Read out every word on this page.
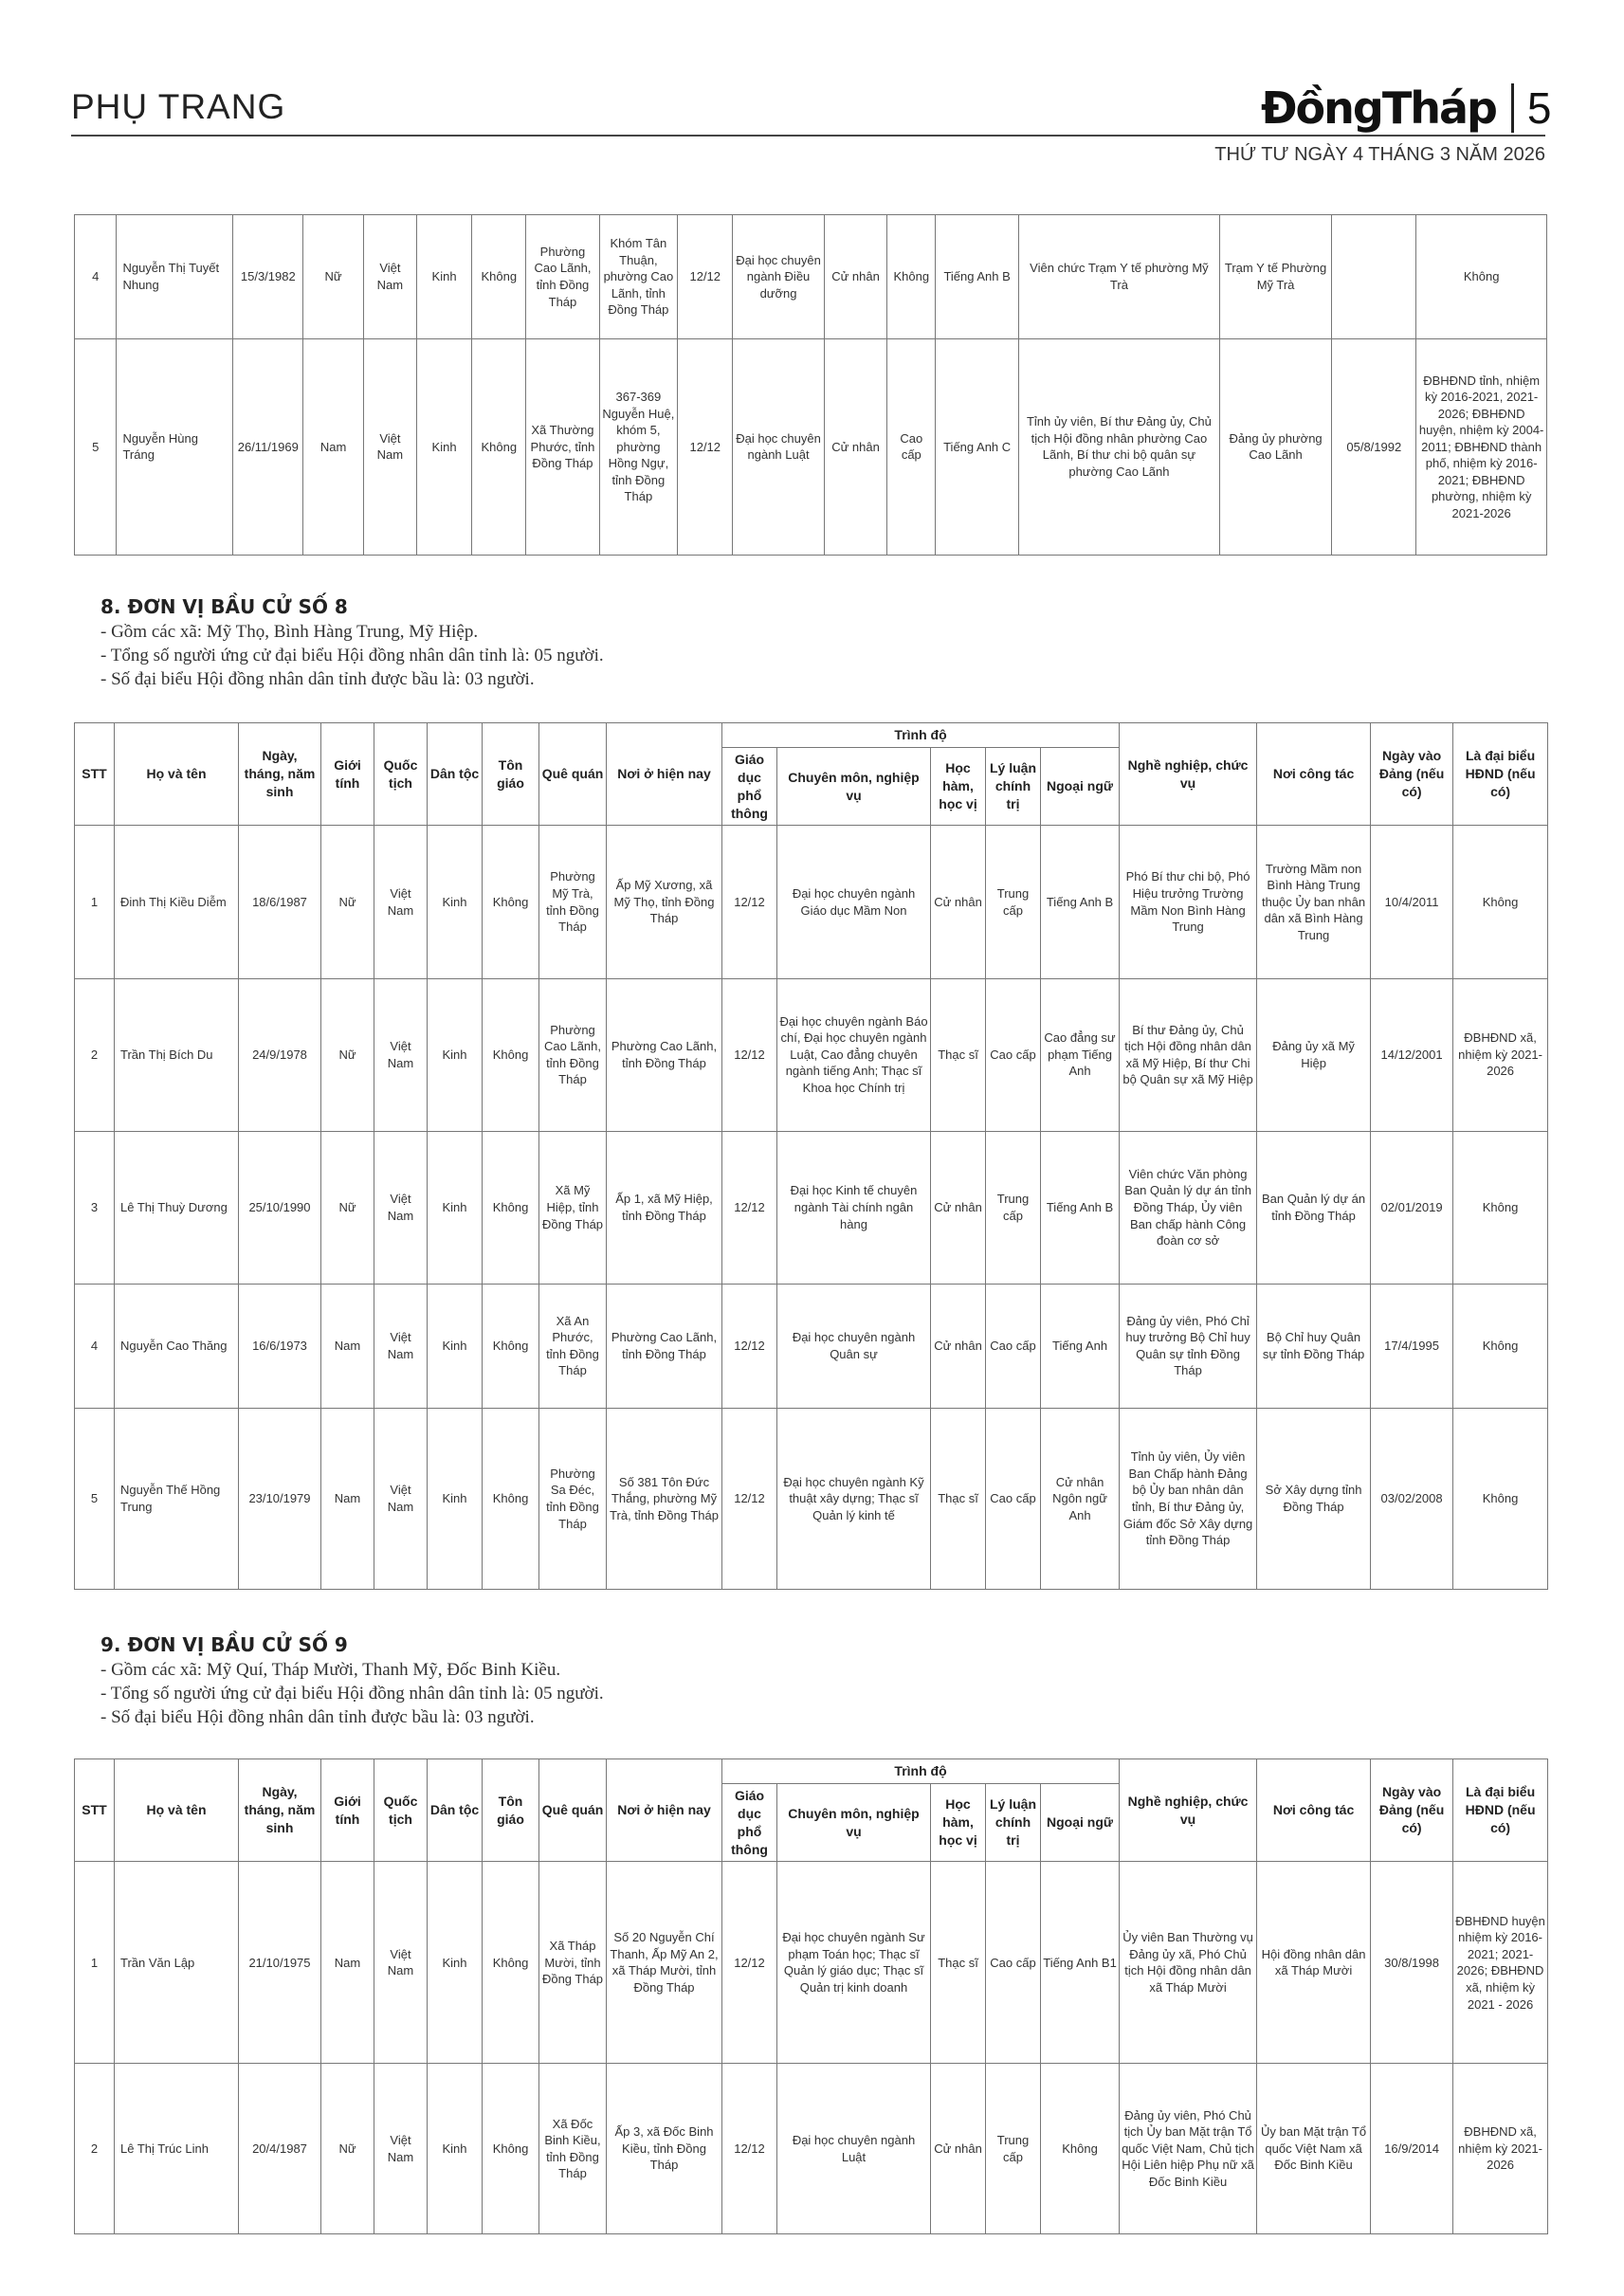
PHỤ TRANG	ĐồngTháp 5
THỨ TƯ NGÀY 4 THÁNG 3 NĂM 2026
4	Nguyễn Thị Tuyết Nhung	15/3/1982	Nữ	Việt Nam	Kinh	Không	Phường Cao Lãnh, tỉnh Đồng Tháp	Khóm Tân Thuận, phường Cao Lãnh, tỉnh Đồng Tháp	12/12	Đại học chuyên ngành Điều dưỡng	Cử nhân	Không	Tiếng Anh B	Viên chức Trạm Y tế phường Mỹ Trà	Trạm Y tế Phường Mỹ Trà		Không
5	Nguyễn Hùng Tráng	26/11/1969	Nam	Việt Nam	Kinh	Không	Xã Thường Phước, tỉnh Đồng Tháp	367-369 Nguyễn Huệ, khóm 5, phường Hồng Ngự, tỉnh Đồng Tháp	12/12	Đại học chuyên ngành Luật	Cử nhân	Cao cấp	Tiếng Anh C	Tỉnh ủy viên, Bí thư Đảng ủy, Chủ tịch Hội đồng nhân phường Cao Lãnh, Bí thư chi bộ quân sự phường Cao Lãnh	Đảng ủy phường Cao Lãnh	05/8/1992	ĐBHĐND tỉnh, nhiệm kỳ 2016-2021, 2021-2026; ĐBHĐND huyện, nhiệm kỳ 2004-2011; ĐBHĐND thành phố, nhiệm kỳ 2016-2021; ĐBHĐND phường, nhiệm kỳ 2021-2026
8. ĐƠN VỊ BẦU CỬ SỐ 8

- Gồm các xã: Mỹ Thọ, Bình Hàng Trung, Mỹ Hiệp.

- Tổng số người ứng cử đại biểu Hội đồng nhân dân tỉnh là: 05 người.

- Số đại biểu Hội đồng nhân dân tỉnh được bầu là: 03 người.

STT	Họ và tên	Ngày, tháng, năm sinh	Giới tính	Quốc tịch	Dân tộc	Tôn giáo	Quê quán	Nơi ở hiện nay	Trình độ					Nghề nghiệp, chức vụ	Nơi công tác	Ngày vào Đảng (nếu có)	Là đại biểu HĐND (nếu có)
									Giáo dục phổ thông	Chuyên môn, nghiệp vụ	Học hàm, học vị	Lý luận chính trị	Ngoại ngữ				
1	Đinh Thị Kiều Diễm	18/6/1987	Nữ	Việt Nam	Kinh	Không	Phường Mỹ Trà, tỉnh Đồng Tháp	Ấp Mỹ Xương, xã Mỹ Thọ, tỉnh Đồng Tháp	12/12	Đại học chuyên ngành Giáo dục Mầm Non	Cử nhân	Trung cấp	Tiếng Anh B	Phó Bí thư chi bộ, Phó Hiệu trưởng Trường Mầm Non Bình Hàng Trung	Trường Mầm non Bình Hàng Trung thuộc Ủy ban nhân dân xã Bình Hàng Trung	10/4/2011	Không
2	Trần Thị Bích Du	24/9/1978	Nữ	Việt Nam	Kinh	Không	Phường Cao Lãnh, tỉnh Đồng Tháp	Phường Cao Lãnh, tỉnh Đồng Tháp	12/12	Đại học chuyên ngành Báo chí, Đại học chuyên ngành Luật, Cao đẳng chuyên ngành tiếng Anh; Thạc sĩ Khoa học Chính trị	Thạc sĩ	Cao cấp	Cao đẳng sư phạm Tiếng Anh	Bí thư Đảng ủy, Chủ tịch Hội đồng nhân dân xã Mỹ Hiệp, Bí thư Chi bộ Quân sự xã Mỹ Hiệp	Đảng ủy xã Mỹ Hiệp	14/12/2001	ĐBHĐND xã, nhiệm kỳ 2021-2026
3	Lê Thị Thuỳ Dương	25/10/1990	Nữ	Việt Nam	Kinh	Không	Xã Mỹ Hiệp, tỉnh Đồng Tháp	Ấp 1, xã Mỹ Hiệp, tỉnh Đồng Tháp	12/12	Đại học Kinh tế chuyên ngành Tài chính ngân hàng	Cử nhân	Trung cấp	Tiếng Anh B	Viên chức Văn phòng Ban Quản lý dự án tỉnh Đồng Tháp, Ủy viên Ban chấp hành Công đoàn cơ sở	Ban Quản lý dự án tỉnh Đồng Tháp	02/01/2019	Không
4	Nguyễn Cao Thăng	16/6/1973	Nam	Việt Nam	Kinh	Không	Xã An Phước, tỉnh Đồng Tháp	Phường Cao Lãnh, tỉnh Đồng Tháp	12/12	Đại học chuyên ngành Quân sự	Cử nhân	Cao cấp	Tiếng Anh	Đảng ủy viên, Phó Chỉ huy trưởng Bộ Chỉ huy Quân sự tỉnh Đồng Tháp	Bộ Chỉ huy Quân sự tỉnh Đồng Tháp	17/4/1995	Không
5	Nguyễn Thế Hồng Trung	23/10/1979	Nam	Việt Nam	Kinh	Không	Phường Sa Đéc, tỉnh Đồng Tháp	Số 381 Tôn Đức Thắng, phường Mỹ Trà, tỉnh Đồng Tháp	12/12	Đại học chuyên ngành Kỹ thuật xây dựng; Thạc sĩ Quản lý kinh tế	Thạc sĩ	Cao cấp	Cử nhân Ngôn ngữ Anh	Tỉnh ủy viên, Ủy viên Ban Chấp hành Đảng bộ Ủy ban nhân dân tỉnh, Bí thư Đảng ủy, Giám đốc Sở Xây dựng tỉnh Đồng Tháp	Sở Xây dựng tỉnh Đồng Tháp	03/02/2008	Không
9. ĐƠN VỊ BẦU CỬ SỐ 9

- Gồm các xã: Mỹ Quí, Tháp Mười, Thanh Mỹ, Đốc Binh Kiều.

- Tổng số người ứng cử đại biểu Hội đồng nhân dân tỉnh là: 05 người.

- Số đại biểu Hội đồng nhân dân tỉnh được bầu là: 03 người.

STT	Họ và tên	Ngày, tháng, năm sinh	Giới tính	Quốc tịch	Dân tộc	Tôn giáo	Quê quán	Nơi ở hiện nay	Trình độ					Nghề nghiệp, chức vụ	Nơi công tác	Ngày vào Đảng (nếu có)	Là đại biểu HĐND (nếu có)
									Giáo dục phổ thông	Chuyên môn, nghiệp vụ	Học hàm, học vị	Lý luận chính trị	Ngoại ngữ				
1	Trần Văn Lập	21/10/1975	Nam	Việt Nam	Kinh	Không	Xã Tháp Mười, tỉnh Đồng Tháp	Số 20 Nguyễn Chí Thanh, Ấp Mỹ An 2, xã Tháp Mười, tỉnh Đồng Tháp	12/12	Đại học chuyên ngành Sư phạm Toán học; Thạc sĩ Quản lý giáo dục; Thạc sĩ Quản trị kinh doanh	Thạc sĩ	Cao cấp	Tiếng Anh B1	Ủy viên Ban Thường vụ Đảng ủy xã, Phó Chủ tịch Hội đồng nhân dân xã Tháp Mười	Hội đồng nhân dân xã Tháp Mười	30/8/1998	ĐBHĐND huyện nhiệm kỳ 2016-2021; 2021-2026; ĐBHĐND xã, nhiệm kỳ 2021 - 2026
2	Lê Thị Trúc Linh	20/4/1987	Nữ	Việt Nam	Kinh	Không	Xã Đốc Binh Kiều, tỉnh Đồng Tháp	Ấp 3, xã Đốc Binh Kiều, tỉnh Đồng Tháp	12/12	Đại học chuyên ngành Luật	Cử nhân	Trung cấp	Không	Đảng ủy viên, Phó Chủ tịch Ủy ban Mặt trận Tổ quốc Việt Nam, Chủ tịch Hội Liên hiệp Phụ nữ xã Đốc Binh Kiều	Ủy ban Mặt trận Tổ quốc Việt Nam xã Đốc Binh Kiều	16/9/2014	ĐBHĐND xã, nhiệm kỳ 2021- 2026
